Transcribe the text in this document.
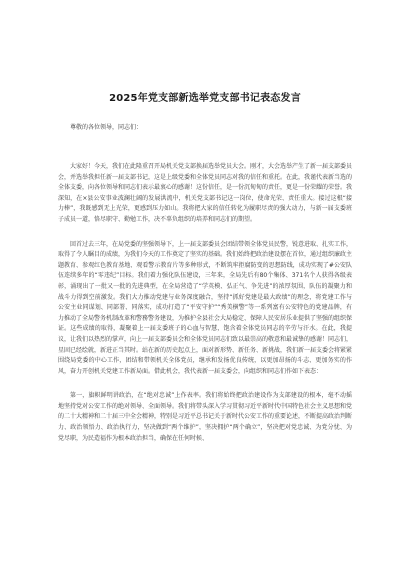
2025年党支部新选举党支部书记表态发言

尊敬的各位领导，同志们：

大家好！今天，我们在此隆重召开局机关党支部换届选举党员大会。刚才，大会选举产生了新一届支部委员会，并选举我担任新一届支部书记，这是上级党委和全体党员同志对我的信任和重托。在此，我谨代表新当选的全体支委，向各位领导和同志们表示最衷心的感谢！这份信任，是一份沉甸甸的责任，更是一份荣耀的荣誉。我深知，在×县公安事业波澜壮阔的发展洪流中，机关党支部书记这一岗位，使命光荣、责任重大。接过这根“接力棒”，我既感到无上光荣，更感到压力如山。我将把大家的信任转化为履职尽责的强大动力，与新一届支委班子成员一道，恪尽职守、勤勉工作，决不辜负组织的培养和同志们的期望。

回首过去三年，在局党委的坚强领导下，上一届支部委员会团结带领全体党员民警，锐意进取、扎实工作，取得了令人瞩目的成绩，为我们今天的工作奠定了坚实的基础。我们始终把政治建设摆在首位，通过组织廉政主题教育、参观红色教育基地、观看警示教育片等多种形式，不断筑牢拒腐防变的思想防线，成功实现了#公安队伍连续多年的“零违纪”目标。我们着力强化队伍建设，三年来，全局先后有80个集体、371名个人获得各级表彰，涌现出了一批又一批的先进典型，在全局营造了“学英模、弘正气、争先进”的浓厚氛围，队伍的凝聚力和战斗力得到空前激发。我们大力推动党建与业务深度融合，坚持“抓好党建是最大政绩”的理念，将党建工作与公安主业同谋划、同部署、同落实，成功打造了“平安守护”“秀美横警”等一系列富有公安特色的党建品牌，有力推动了全局警务机制改革和警務警务建设，为推护全县社会大局稳定、保障人民安居乐业提供了坚强的组织保证。这些成绩的取得，凝聚着上一届支委班子的心血与智慧，饱含着全体党员同志的辛劳与汗水。在此，我提议，让我们以热烈的掌声，向上一届支部委员会和全体党员同志们致以最崇高的敬意和最诚挚的感谢！同志们，星固已经绘就，新进正当其时。站在新的历史起点上，面对新形势、新任务、新挑战，我们新一届支委会将紧紧围绕局党委的中心工作，团结和带领机关全体党员，继承和发扬优良传统，以更加昂扬的斗志、更加务实的作风，奋力开创机关党建工作新局面。借此机会，我代表新一届支委会，向组织和同志们作如下表态：

第一，旗帜鲜明讲政治，在“绝对忠诚”上作表率。我们将始终把政治建设作为支部建设的根本，毫不动摇地坚持党对公安工作的绝对领导、全面领导。我们将带头深入学习贯彻习近平新时代中国特色社会主义思想和党的二十大精神和二十届三中全会精神，特别是习近平总书记关于新时代公安工作的重要论述，不断提高政治判断力、政治领悟力、政治执行力，坚决做到“两个维护”，坚决拥护“两个确立”，坚决把对党忠诚、为党分忧、为党尽职，为民造福作为根本政治担当，确保在任何时候、
